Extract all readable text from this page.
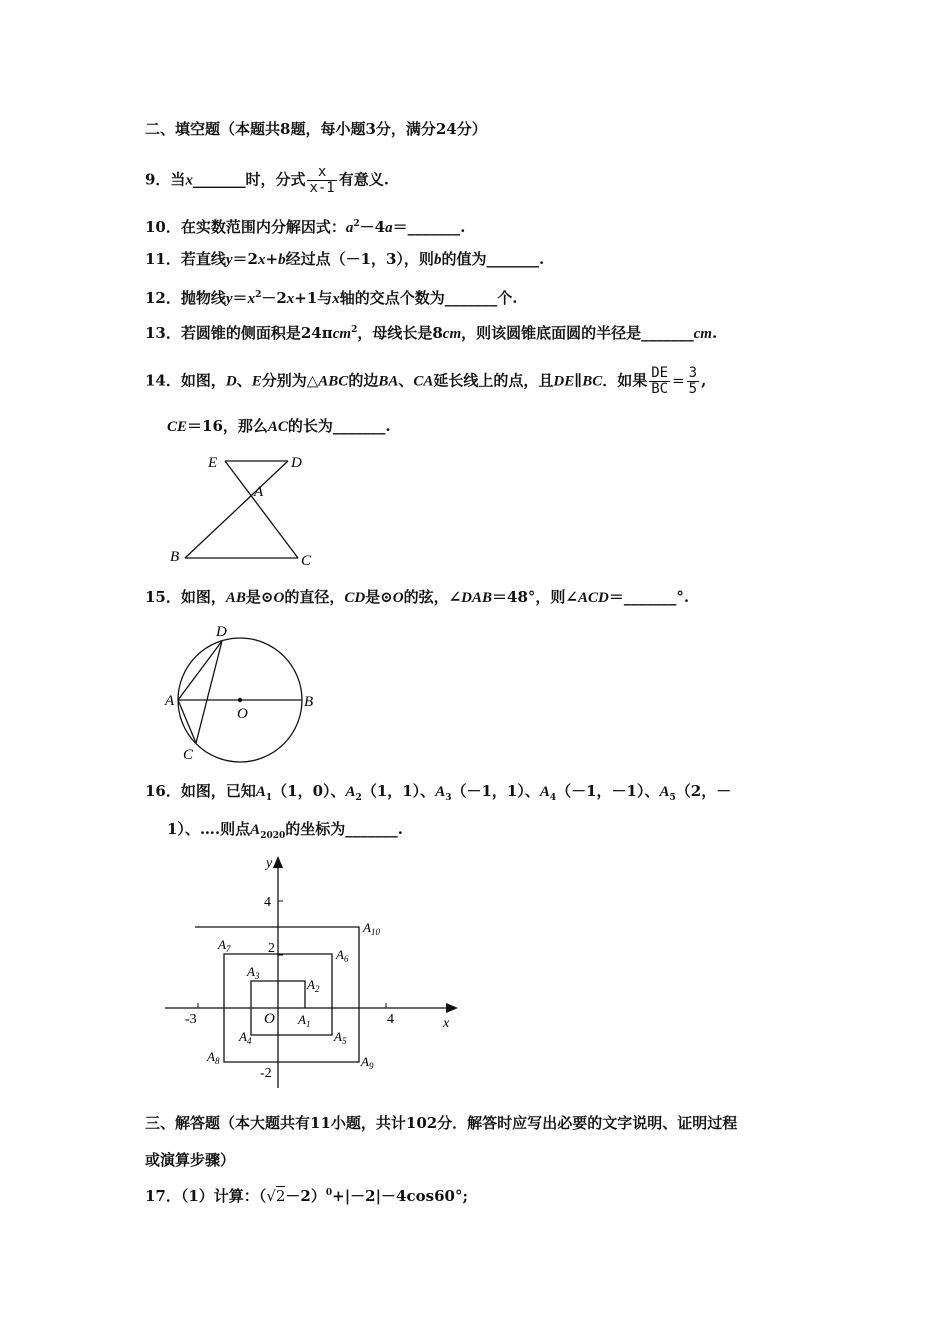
二、填空题（本题共8题，每小题3分，满分24分）
9．当x_______时，分式 $\frac{x}{x-1}$ 有意义.
10．在实数范围内分解因式：$a^2-4a=\_\_\_\_\_\_\_$.
11．若直线y＝2x+b经过点（－1，3），则b的值为_______.
12．抛物线$y=x^2-2x+1$与x轴的交点个数为_______个.
13．若圆锥的侧面积是24πcm$^2$，母线长是8cm，则该圆锥底面圆的半径是_______cm.
14．如图，D、E分别为△ABC的边BA、CA延长线上的点，且DE∥BC．如果 $\frac{DE}{BC} = \frac{3}{5}$ ,
CE＝16，那么AC的长为_______.
E	D
A
B	C
15．如图，AB是⊙O的直径，CD是⊙O的弦，∠DAB＝48°，则∠ACD＝_______°.
D
A
O
B
C
16．如图，已知$A_1(1$，0）、$A_2(1$，1）、$A_3(-1$，1）、$A_4(-1$，－1）、$A_5(2$，－
1）、….则点$A_{2020}$的坐标为_______.
y
x
O
4
2
-2
-3	4
$A_1$
$A_2$
$A_3$
$A_4$	$A_5$
$A_6$
$A_7$
$A_8$	$A_9$
$A_{10}$
三、解答题（本大题共有11小题，共计102分．解答时应写出必要的文字说明、证明过程
或演算步骤）
17．（1）计算：$(√2-2)^0+|-2|-4\cos 60^\circ$;
